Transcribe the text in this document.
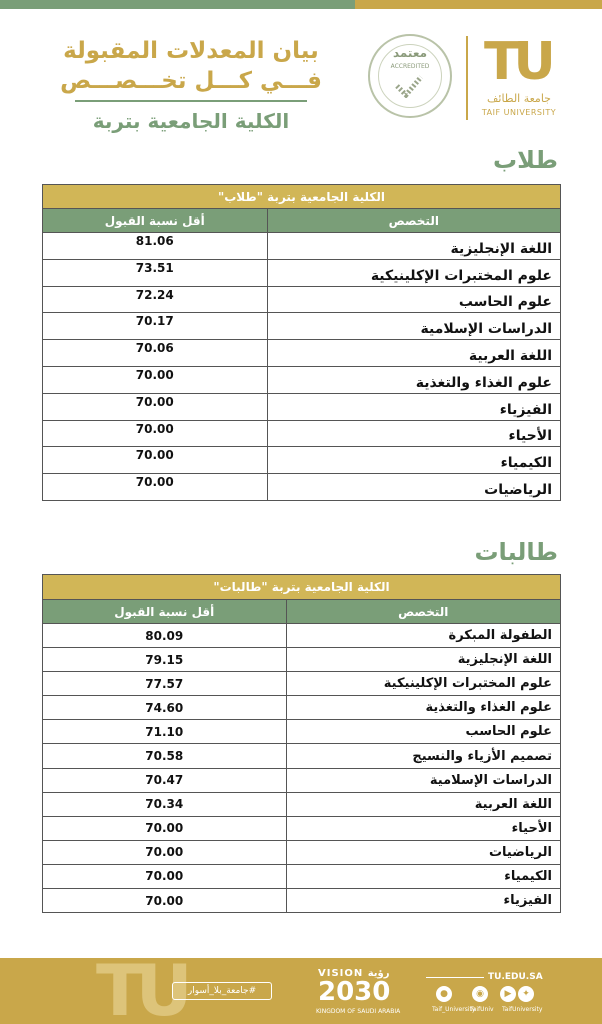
TU
جامعة الطائف
TAIF UNIVERSITY
معتمد
ACCREDITED
بيان المعدلات المقبولة
فـــي كـــل تخـــصـــص
الكلية الجامعية بتربة
طلاب
الكلية الجامعية بتربة "طلاب"	
التخصص	أقل نسبة القبول
اللغة الإنجليزية	81.06
علوم المختبرات الإكلينيكية	73.51
علوم الحاسب	72.24
الدراسات الإسلامية	70.17
اللغة العربية	70.06
علوم الغذاء والتغذية	70.00
الفيزياء	70.00
الأحياء	70.00
الكيمياء	70.00
الرياضيات	70.00
طالبات
الكلية الجامعية بتربة "طالبات"	
التخصص	أقل نسبة القبول
الطفولة المبكرة	80.09
اللغة الإنجليزية	79.15
علوم المختبرات الإكلينيكية	77.57
علوم الغذاء والتغذية	74.60
علوم الحاسب	71.10
تصميم الأزياء والنسيج	70.58
الدراسات الإسلامية	70.47
اللغة العربية	70.34
الأحياء	70.00
الرياضيات	70.00
الكيمياء	70.00
الفيزياء	70.00
TU #جامعة_بلا_أسوار
VISION رؤية
2030
KINGDOM OF SAUDI ARABIA
TU.EDU.SA
●	◉	▶	✦
Taif_University
TaifUniv TaifUniversity
